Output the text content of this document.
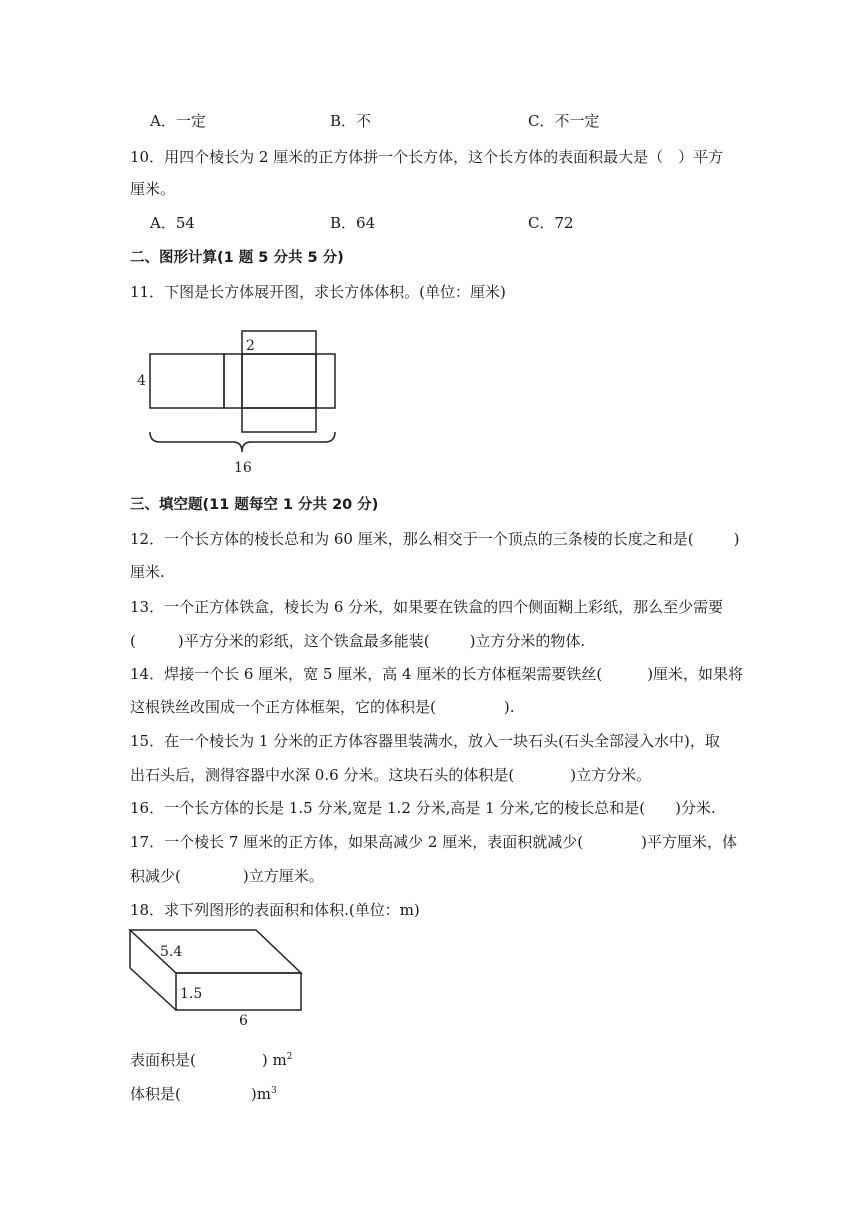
A．一定	B．不	C．不一定
10．用四个棱长为 2 厘米的正方体拼一个长方体，这个长方体的表面积最大是（　）平方
厘米。
A．54	B．64	C．72
二、图形计算(1 题 5 分共 5 分)
11．下图是长方体展开图，求长方体体积。(单位：厘米)
2
4
16
三、填空题(11 题每空 1 分共 20 分)
12．一个长方体的棱长总和为 60 厘米，那么相交于一个顶点的三条棱的长度之和是(	)
厘米.
13．一个正方体铁盒，棱长为 6 分米，如果要在铁盒的四个侧面糊上彩纸，那么至少需要
(	)平方分米的彩纸，这个铁盒最多能装(	)立方分米的物体.
14．焊接一个长 6 厘米，宽 5 厘米，高 4 厘米的长方体框架需要铁丝(	)厘米，如果将
这根铁丝改围成一个正方体框架，它的体积是(	).
15．在一个棱长为 1 分米的正方体容器里装满水，放入一块石头(石头全部浸入水中)，取
出石头后，测得容器中水深 0.6 分米。这块石头的体积是(	)立方分米。
16．一个长方体的长是 1.5 分米,宽是 1.2 分米,高是 1 分米,它的棱长总和是( )分米.
17．一个棱长 7 厘米的正方体，如果高减少 2 厘米，表面积就减少(	)平方厘米，体
积减少(	)立方厘米。
18．求下列图形的表面积和体积.(单位：m)
5.4
1.5
6
表面积是(	) $m^2$
体积是(	)$m^3$
